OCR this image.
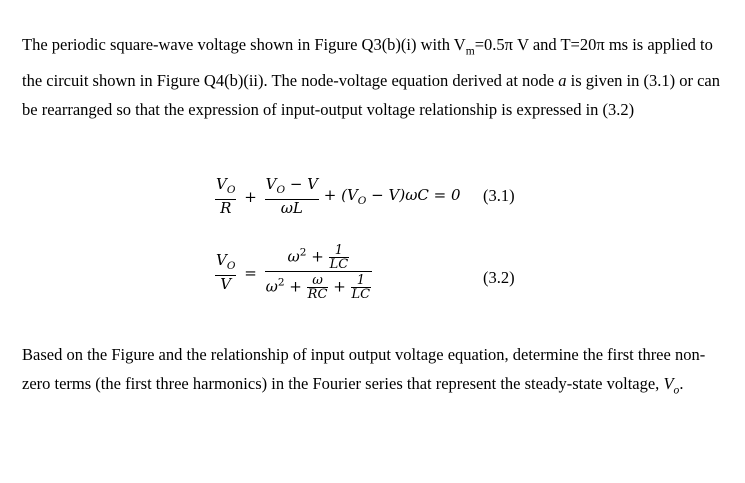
The periodic square-wave voltage shown in Figure Q3(b)(i) with $V_m=0.5\pi$ V and T=20π ms is applied to the circuit shown in Figure Q4(b)(ii). The node-voltage equation derived at node a is given in (3.1) or can be rearranged so that the expression of input-output voltage relationship is expressed in (3.2)

$\frac{V_O}{R} + \frac{V_O - V}{\omega L} + (V_O - V)\omega C = 0$ (3.1)
$\frac{V_O}{V} = \frac{\omega^2 + \frac{1}{LC}}{\omega^2 + \frac{\omega}{RC} + \frac{1}{LC}}$	(3.2)

Based on the Figure and the relationship of input output voltage equation, determine the first three non-zero terms (the first three harmonics) in the Fourier series that represent the steady-state voltage, $V_o$.
